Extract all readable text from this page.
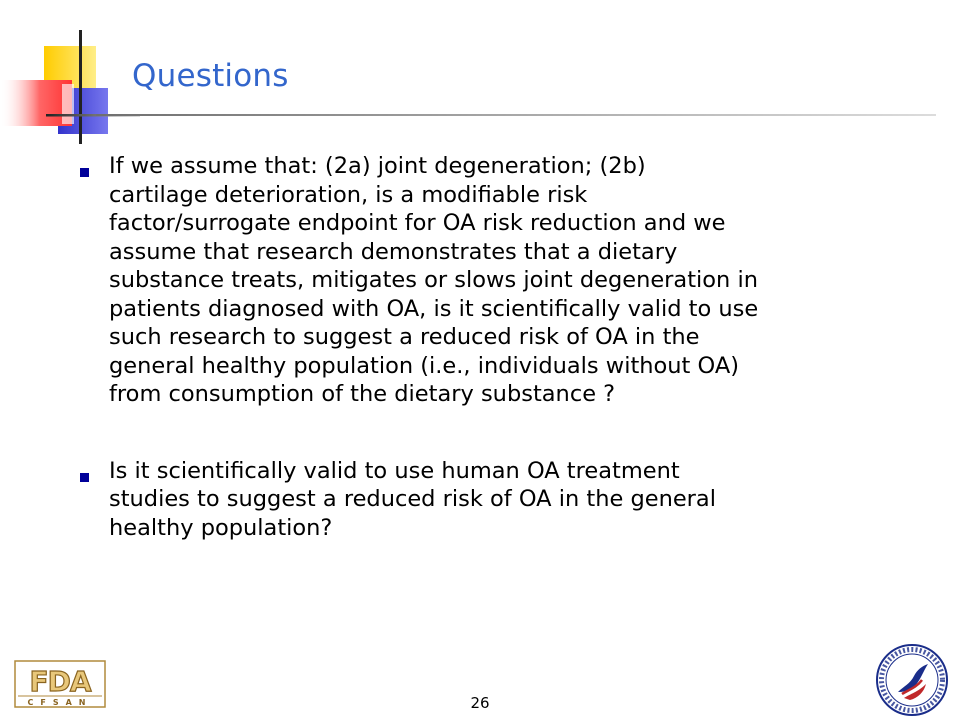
Questions
If we assume that: (2a) joint degeneration; (2b)
cartilage deterioration, is a modifiable risk
factor/surrogate endpoint for OA risk reduction and we
assume that research demonstrates that a dietary
substance treats, mitigates or slows joint degeneration in
patients diagnosed with OA, is it scientifically valid to use
such research to suggest a reduced risk of OA in the
general healthy population (i.e., individuals without OA)
from consumption of the dietary substance ?
Is it scientifically valid to use human OA treatment
studies to suggest a reduced risk of OA in the general
healthy population?
FDA
CFSAN	26
